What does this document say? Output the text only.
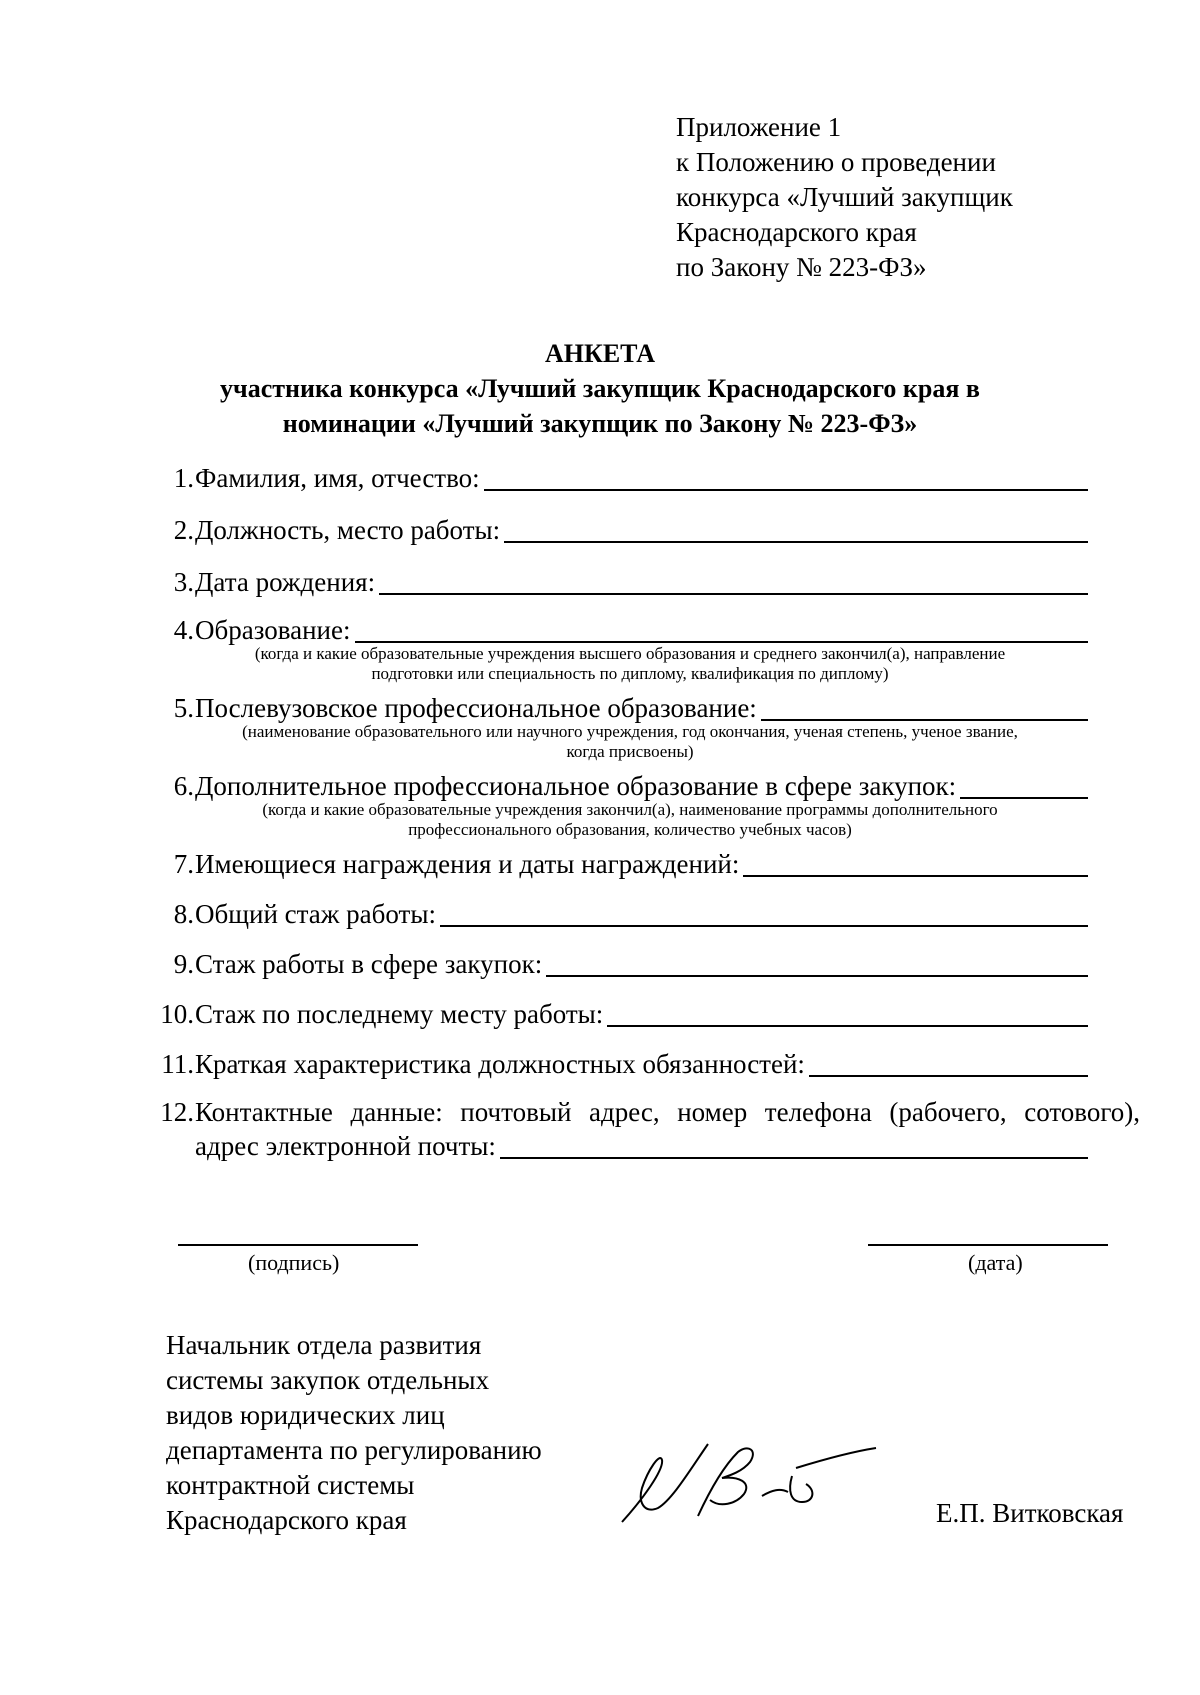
Приложение 1
к Положению о проведении
конкурса «Лучший закупщик
Краснодарского края
по Закону № 223-ФЗ»
АНКЕТА
участника конкурса «Лучший закупщик Краснодарского края в
номинации «Лучший закупщик по Закону № 223-ФЗ»
1. Фамилия, имя, отчество:
2. Должность, место работы:
3. Дата рождения:
4. Образование:
(когда и какие образовательные учреждения высшего образования и среднего закончил(а), направление
подготовки или специальность по диплому, квалификация по диплому)
5. Послевузовское профессиональное образование:
(наименование образовательного или научного учреждения, год окончания, ученая степень, ученое звание,
когда присвоены)
6. Дополнительное профессиональное образование в сфере закупок:
(когда и какие образовательные учреждения закончил(а), наименование программы дополнительного
профессионального образования, количество учебных часов)
7. Имеющиеся награждения и даты награждений:
8. Общий стаж работы:
9. Стаж работы в сфере закупок:
10. Стаж по последнему месту работы:
11. Краткая характеристика должностных обязанностей:
12. Контактные данные: почтовый адрес, номер телефона (рабочего, сотового),
адрес электронной почты:
(подпись)	(дата)
Начальник отдела развития
системы закупок отдельных
видов юридических лиц
департамента по регулированию
контрактной системы
Краснодарского края	Е.П. Витковская
